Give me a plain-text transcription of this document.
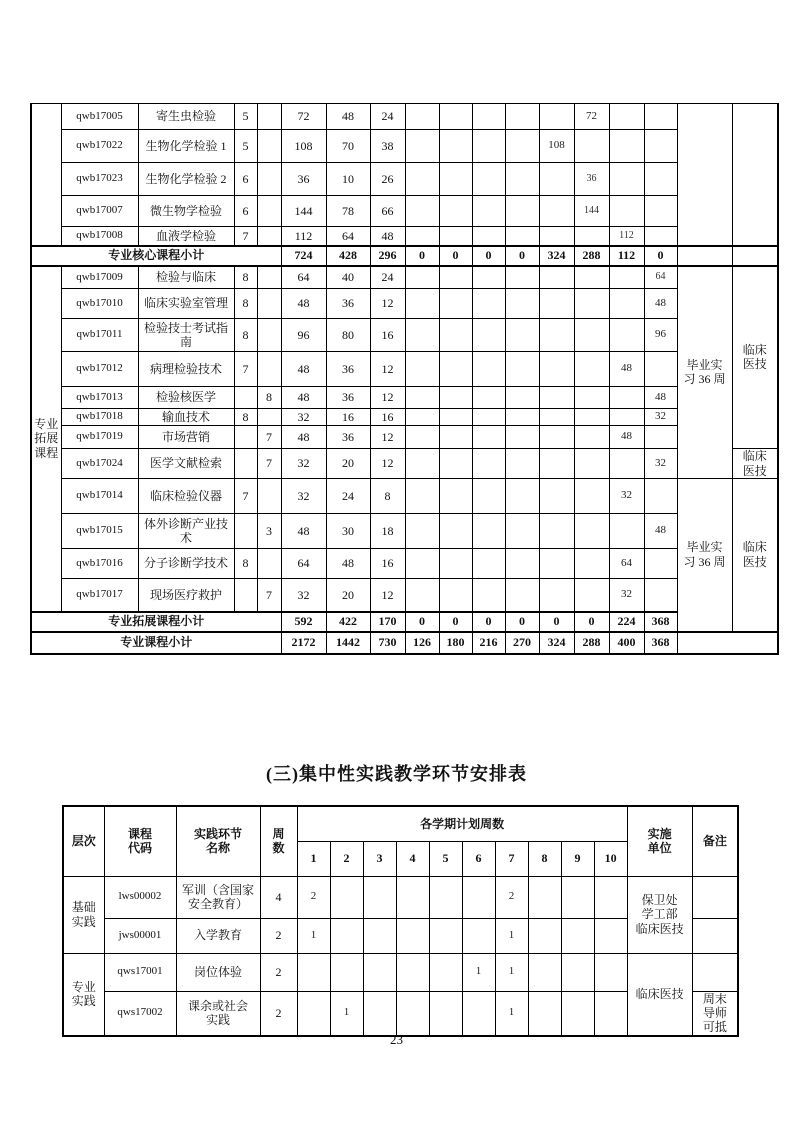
	qwb17005	寄生虫检验	5		72	48	24						72				
	qwb17022	生物化学检验 1	5		108	70	38					108					
	qwb17023	生物化学检验 2	6		36	10	26						36				
	qwb17007	微生物学检验	6		144	78	66						144				
	qwb17008	血液学检验	7		112	64	48							112			
专业核心课程小计					724	428	296	0	0	0	0	324	288	112	0		
专业拓展课程	qwb17009	检验与临床	8		64	40	24								64	毕业实习 36 周	临床医技
	qwb17010	临床实验室管理	8		48	36	12								48		
	qwb17011	检验技士考试指南	8		96	80	16								96		
	qwb17012	病理检验技术	7		48	36	12							48			
	qwb17013	检验核医学		8	48	36	12								48		
	qwb17018	输血技术	8		32	16	16								32		
	qwb17019	市场营销		7	48	36	12							48			
	qwb17024	医学文献检索		7	32	20	12								32		临床医技
	qwb17014	临床检验仪器	7		32	24	8							32		毕业实习 36 周	临床医技
	qwb17015	体外诊断产业技术		3	48	30	18								48		
	qwb17016	分子诊断学技术	8		64	48	16							64			
	qwb17017	现场医疗救护		7	32	20	12							32			
专业拓展课程小计					592	422	170	0	0	0	0	0	0	224	368		
专业课程小计					2172	1442	730	126	180	216	270	324	288	400	368		
(三)集中性实践教学环节安排表
层次	课程代码	实践环节名称	周数	各学期计划周数										实施单位	备注
				1	2	3	4	5	6	7	8	9	10		
基础实践	lws00002	军训（含国家安全教育）	4	2						2				保卫处 学工部 临床医技	
	jws00001	入学教育	2	1						1					
专业实践	qws17001	岗位体验	2						1	1				临床医技	
	qws17002	课余或社会实践	2		1					1					周末导师可抵
23
